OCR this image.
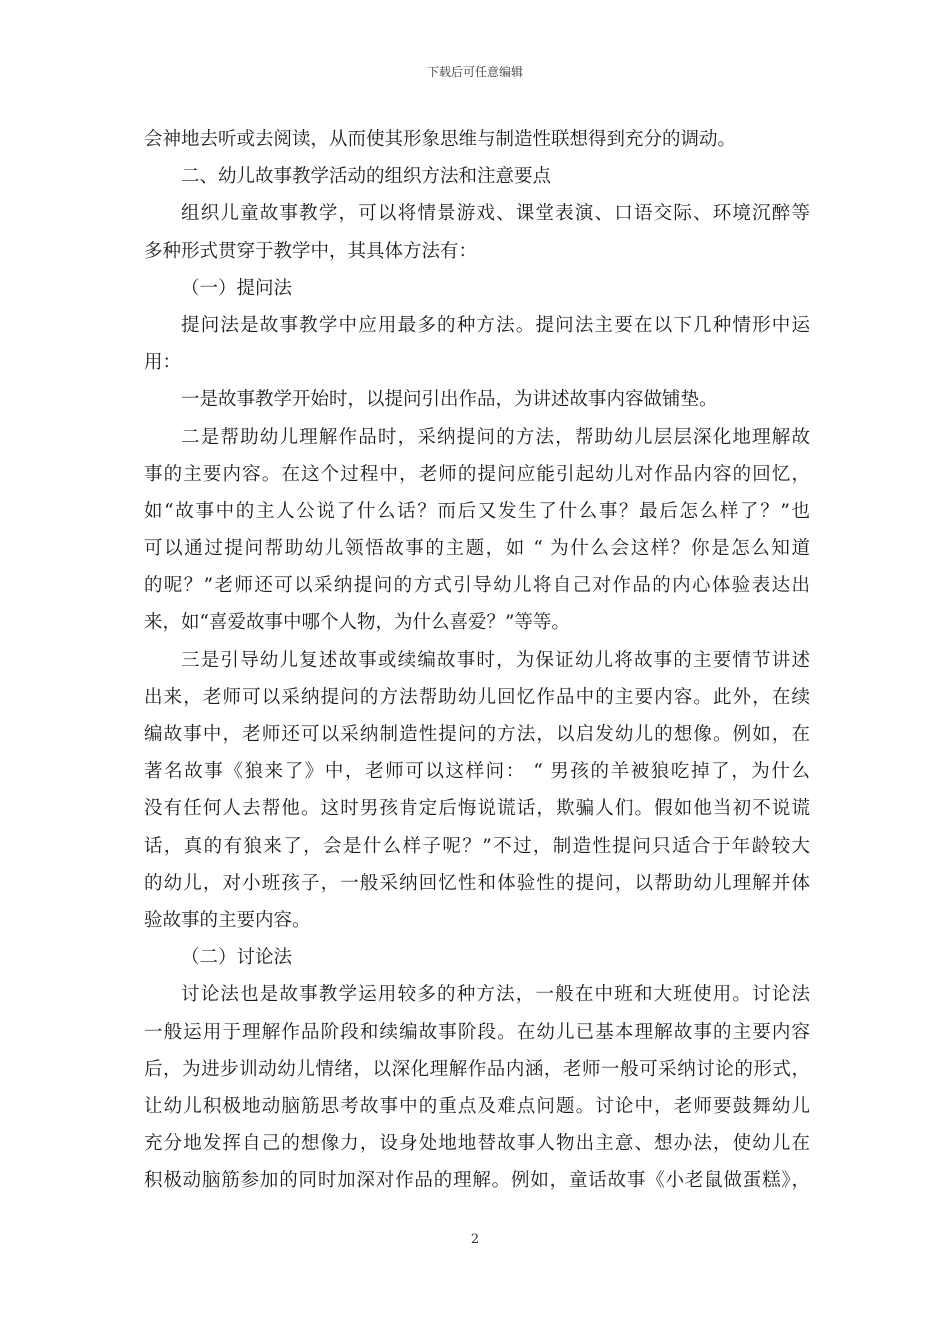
下载后可任意编辑
会神地去听或去阅读，从而使其形象思维与制造性联想得到充分的调动。
二、幼儿故事教学活动的组织方法和注意要点
组织儿童故事教学，可以将情景游戏、课堂表演、口语交际、环境沉醉等
多种形式贯穿于教学中，其具体方法有：
（一）提问法
提问法是故事教学中应用最多的种方法。提问法主要在以下几种情形中运
用：
一是故事教学开始时，以提问引出作品，为讲述故事内容做铺垫。
二是帮助幼儿理解作品时，采纳提问的方法，帮助幼儿层层深化地理解故
事的主要内容。在这个过程中，老师的提问应能引起幼儿对作品内容的回忆，
如“故事中的主人公说了什么话？而后又发生了什么事？最后怎么样了？”也
可以通过提问帮助幼儿领悟故事的主题，如 “ 为什么会这样？你是怎么知道
的呢？”老师还可以采纳提问的方式引导幼儿将自己对作品的内心体验表达出
来，如“喜爱故事中哪个人物，为什么喜爱？”等等。
三是引导幼儿复述故事或续编故事时，为保证幼儿将故事的主要情节讲述
出来，老师可以采纳提问的方法帮助幼儿回忆作品中的主要内容。此外，在续
编故事中，老师还可以采纳制造性提问的方法，以启发幼儿的想像。例如，在
著名故事《狼来了》中，老师可以这样问： “ 男孩的羊被狼吃掉了，为什么
没有任何人去帮他。这时男孩肯定后悔说谎话，欺骗人们。假如他当初不说谎
话，真的有狼来了，会是什么样子呢？”不过，制造性提问只适合于年龄较大
的幼儿，对小班孩子，一般采纳回忆性和体验性的提问，以帮助幼儿理解并体
验故事的主要内容。
（二）讨论法
讨论法也是故事教学运用较多的种方法，一般在中班和大班使用。讨论法
一般运用于理解作品阶段和续编故事阶段。在幼儿已基本理解故事的主要内容
后，为进步训动幼儿情绪，以深化理解作品内涵，老师一般可采纳讨论的形式，
让幼儿积极地动脑筋思考故事中的重点及难点问题。讨论中，老师要鼓舞幼儿
充分地发挥自己的想像力，设身处地地替故事人物出主意、想办法，使幼儿在
积极动脑筋参加的同时加深对作品的理解。例如，童话故事《小老鼠做蛋糕》，
2
